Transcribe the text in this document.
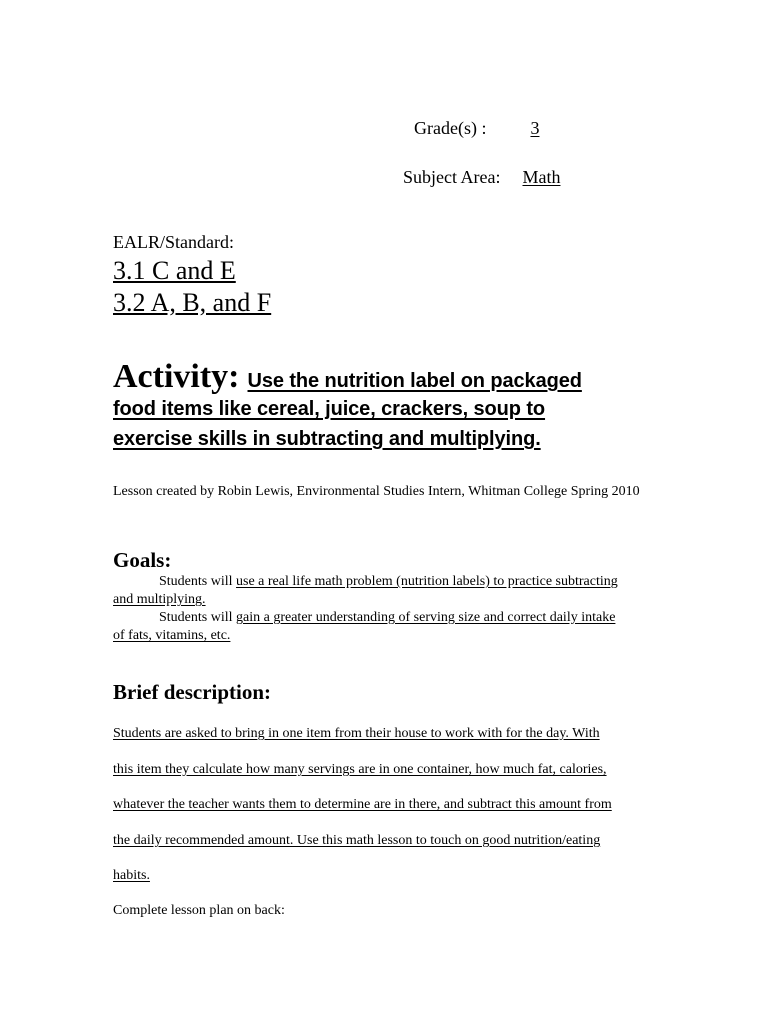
Grade(s) : 3
Subject Area: Math
EALR/Standard:
3.1 C and E
3.2 A, B, and F
Activity: Use the nutrition label on packaged
food items like cereal, juice, crackers, soup to
exercise skills in subtracting and multiplying.
Lesson created by Robin Lewis, Environmental Studies Intern, Whitman College Spring 2010
Goals:
Students will use a real life math problem (nutrition labels) to practice subtracting
and multiplying.
Students will gain a greater understanding of serving size and correct daily intake
of fats, vitamins, etc.
Brief description:
Students are asked to bring in one item from their house to work with for the day. With
this item they calculate how many servings are in one container, how much fat, calories,
whatever the teacher wants them to determine are in there, and subtract this amount from
the daily recommended amount. Use this math lesson to touch on good nutrition/eating
habits.
Complete lesson plan on back:
